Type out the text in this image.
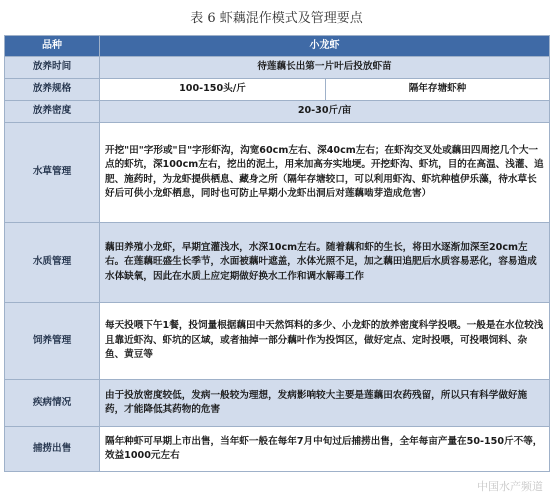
表 6 虾藕混作模式及管理要点
品种	小龙虾	
放养时间	待莲藕长出第一片叶后投放虾苗	
放养规格	100-150头/斤	隔年存塘虾种
放养密度	20-30斤/亩	
水草管理	开挖"田"字形或"目"字形虾沟，沟宽60cm左右、深40cm左右；在虾沟交叉处或藕田四周挖几个大一点的虾坑，深100cm左右，挖出的泥土，用来加高夯实地埂。开挖虾沟、虾坑，目的在高温、浅灌、追肥、施药时，为龙虾提供栖息、藏身之所（隔年存塘较口，可以利用虾沟、虾坑种植伊乐藻，待水草长好后可供小龙虾栖息，同时也可防止早期小龙虾出洞后对莲藕啮芽造成危害）	
水质管理	藕田养殖小龙虾，早期宜灌浅水，水深10cm左右。随着藕和虾的生长，将田水逐渐加深至20cm左右。在莲藕旺盛生长季节，水面被藕叶遮盖，水体光照不足，加之藕田追肥后水质容易恶化，容易造成水体缺氧，因此在水质上应定期做好换水工作和调水解毒工作	
饲养管理	每天投喂下午1餐，投饲量根据藕田中天然饵料的多少、小龙虾的放养密度科学投喂。一般是在水位较浅且靠近虾沟、虾坑的区域，或者抽掉一部分藕叶作为投饵区，做好定点、定时投喂，可投喂饲料、杂鱼、黄豆等	
疾病情况	由于投放密度较低，发病一般较为理想，发病影响较大主要是莲藕田农药残留，所以只有科学做好施药，才能降低其药物的危害	
捕捞出售	隔年种虾可早期上市出售，当年虾一般在每年7月中旬过后捕捞出售，全年每亩产量在50-150斤不等，效益1000元左右	
中国水产频道
